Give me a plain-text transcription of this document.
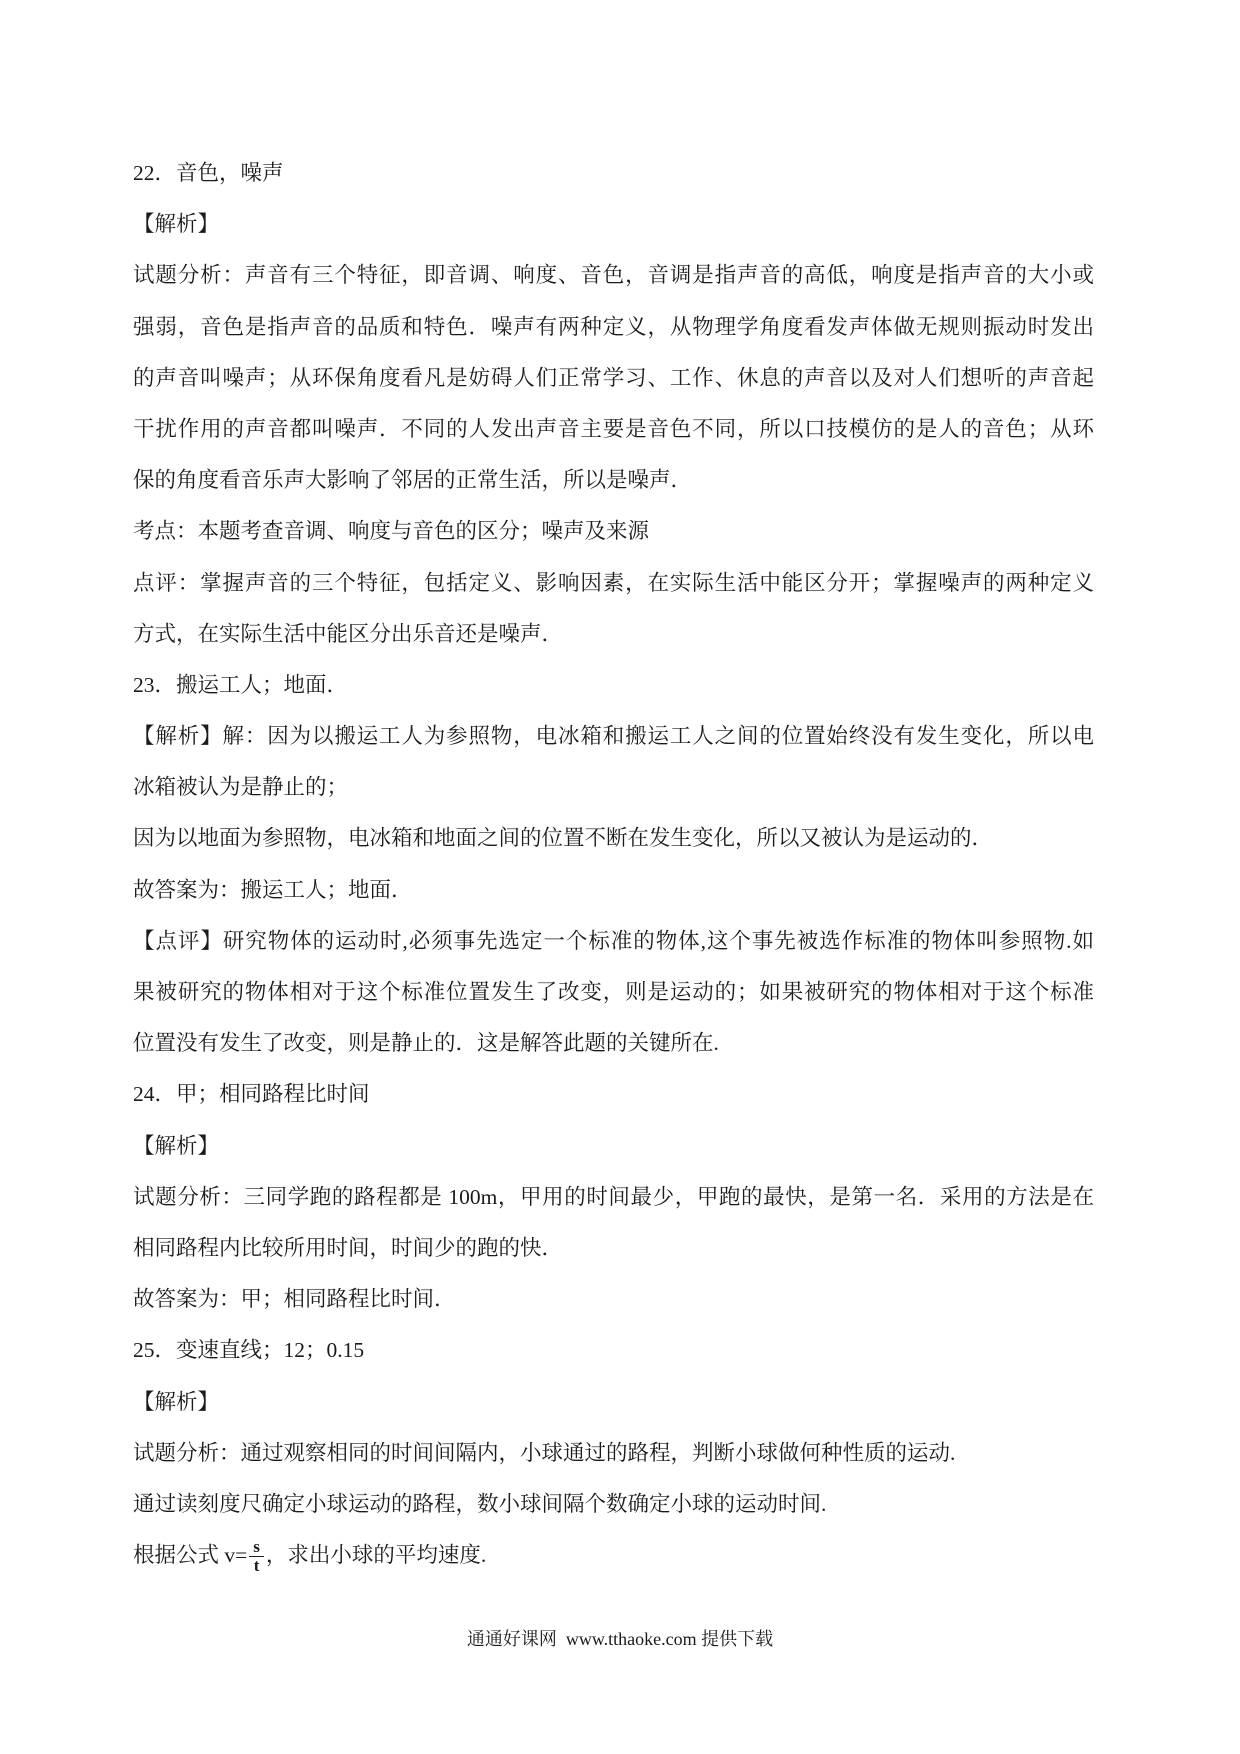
22．音色，噪声
【解析】
试题分析：声音有三个特征，即音调、响度、音色，音调是指声音的高低，响度是指声音的大小或
强弱，音色是指声音的品质和特色．噪声有两种定义，从物理学角度看发声体做无规则振动时发出
的声音叫噪声；从环保角度看凡是妨碍人们正常学习、工作、休息的声音以及对人们想听的声音起
干扰作用的声音都叫噪声．不同的人发出声音主要是音色不同，所以口技模仿的是人的音色；从环
保的角度看音乐声大影响了邻居的正常生活，所以是噪声．
考点：本题考查音调、响度与音色的区分；噪声及来源
点评：掌握声音的三个特征，包括定义、影响因素，在实际生活中能区分开；掌握噪声的两种定义
方式，在实际生活中能区分出乐音还是噪声．
23．搬运工人；地面．
【解析】解：因为以搬运工人为参照物，电冰箱和搬运工人之间的位置始终没有发生变化，所以电
冰箱被认为是静止的；
因为以地面为参照物，电冰箱和地面之间的位置不断在发生变化，所以又被认为是运动的．
故答案为：搬运工人；地面．
【点评】研究物体的运动时,必须事先选定一个标准的物体,这个事先被选作标准的物体叫参照物.如
果被研究的物体相对于这个标准位置发生了改变，则是运动的；如果被研究的物体相对于这个标准
位置没有发生了改变，则是静止的．这是解答此题的关键所在.
24．甲；相同路程比时间
【解析】
试题分析：三同学跑的路程都是 100m，甲用的时间最少，甲跑的最快，是第一名．采用的方法是在
相同路程内比较所用时间，时间少的跑的快．
故答案为：甲；相同路程比时间．
25．变速直线；12；0.15
【解析】
试题分析：通过观察相同的时间间隔内，小球通过的路程，判断小球做何种性质的运动.
通过读刻度尺确定小球运动的路程，数小球间隔个数确定小球的运动时间.
根据公式 $v= \frac{s}{t}$ ，求出小球的平均速度.
通通好课网  www.tthaoke.com 提供下载
